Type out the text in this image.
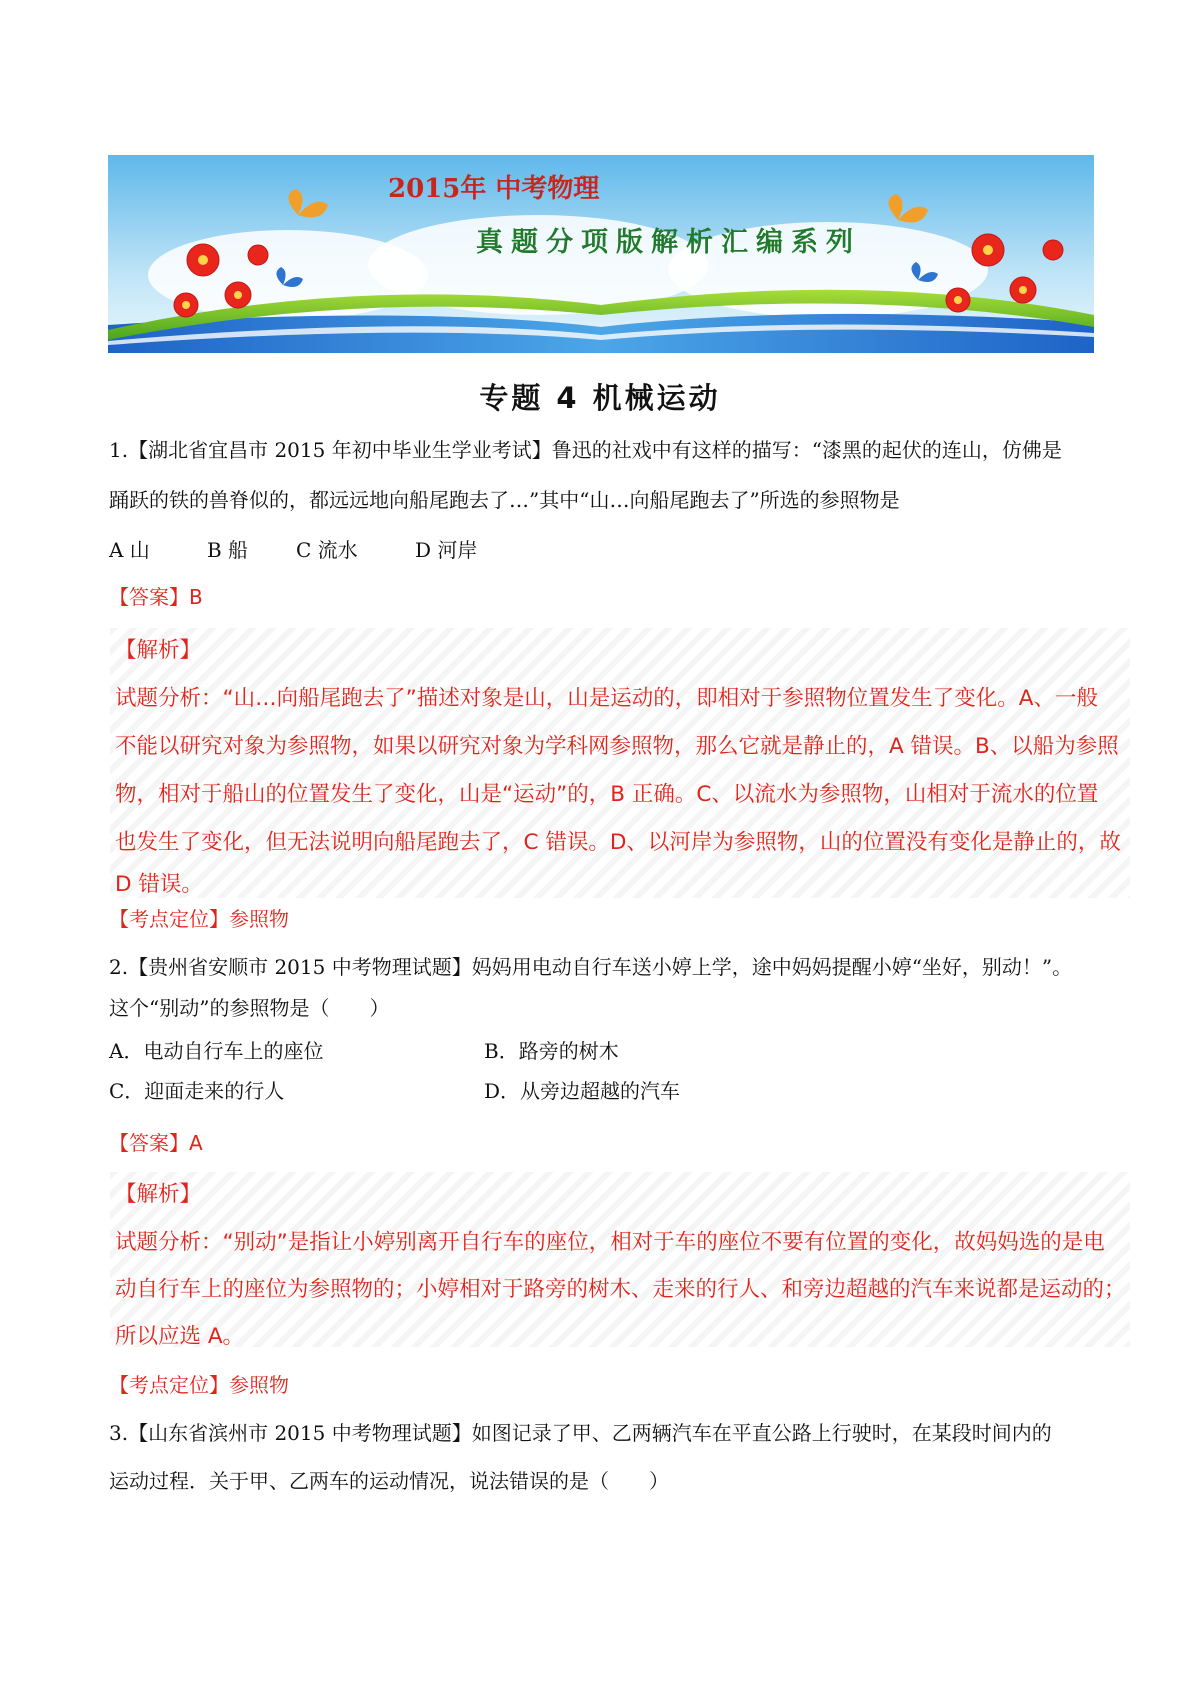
2015年 中考物理
真题分项版解析汇编系列
专题 4 机械运动
1.【湖北省宜昌市 2015 年初中毕业生学业考试】鲁迅的社戏中有这样的描写：“漆黑的起伏的连山，仿佛是
踊跃的铁的兽脊似的，都远远地向船尾跑去了…”其中“山…向船尾跑去了”所选的参照物是
A 山	B 船 C 流水	D 河岸
【答案】B
【解析】
试题分析：“山…向船尾跑去了”描述对象是山，山是运动的，即相对于参照物位置发生了变化。A、一般
不能以研究对象为参照物，如果以研究对象为学科网参照物，那么它就是静止的，A 错误。B、以船为参照
物，相对于船山的位置发生了变化，山是“运动”的，B 正确。C、以流水为参照物，山相对于流水的位置
也发生了变化，但无法说明向船尾跑去了，C 错误。D、以河岸为参照物，山的位置没有变化是静止的，故
D 错误。
【考点定位】参照物
2.【贵州省安顺市 2015 中考物理试题】妈妈用电动自行车送小婷上学，途中妈妈提醒小婷“坐好，别动！”。
这个“别动”的参照物是（　　）
A．电动自行车上的座位	B．路旁的树木
C．迎面走来的行人	D．从旁边超越的汽车
【答案】A
【解析】
试题分析：“别动”是指让小婷别离开自行车的座位，相对于车的座位不要有位置的变化，故妈妈选的是电
动自行车上的座位为参照物的；小婷相对于路旁的树木、走来的行人、和旁边超越的汽车来说都是运动的；
所以应选 A。
【考点定位】参照物
3.【山东省滨州市 2015 中考物理试题】如图记录了甲、乙两辆汽车在平直公路上行驶时，在某段时间内的
运动过程．关于甲、乙两车的运动情况，说法错误的是（　　）
